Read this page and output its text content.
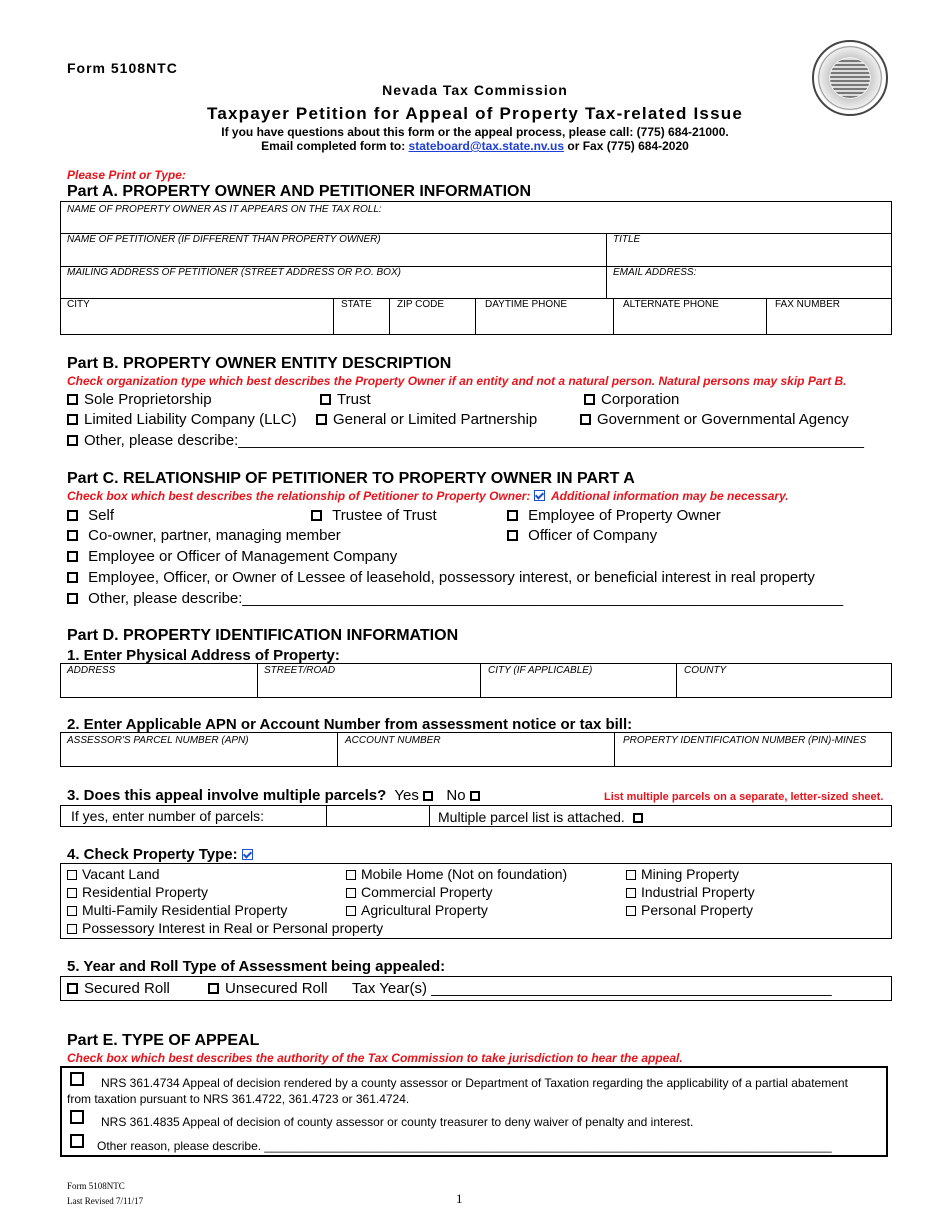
Form 5108NTC
Nevada Tax Commission
Taxpayer Petition for Appeal of Property Tax-related Issue
If you have questions about this form or the appeal process, please call: (775) 684-21000.
Email completed form to: stateboard@tax.state.nv.us or Fax (775) 684-2020
Please Print or Type:
Part A. PROPERTY OWNER AND PETITIONER INFORMATION
NAME OF PROPERTY OWNER AS IT APPEARS ON THE TAX ROLL:
NAME OF PETITIONER (IF DIFFERENT THAN PROPERTY OWNER)	TITLE
MAILING ADDRESS OF PETITIONER (STREET ADDRESS OR P.O. BOX)	EMAIL ADDRESS:
CITY	STATE	ZIP CODE	DAYTIME PHONE	ALTERNATE PHONE	FAX NUMBER
Part B. PROPERTY OWNER ENTITY DESCRIPTION
Check organization type which best describes the Property Owner if an entity and not a natural person. Natural persons may skip Part B.
Sole Proprietorship	Trust	Corporation
Limited Liability Company (LLC)	General or Limited Partnership	Government or Governmental Agency
Other, please describe:___________________________________________________________________________
Part C. RELATIONSHIP OF PETITIONER TO PROPERTY OWNER IN PART A
Check box which best describes the relationship of Petitioner to Property Owner: Additional information may be necessary.
Self	Trustee of Trust	Employee of Property Owner
Co-owner, partner, managing member	Officer of Company
Employee or Officer of Management Company
Employee, Officer, or Owner of Lessee of leasehold, possessory interest, or beneficial interest in real property
Other, please describe:________________________________________________________________________
Part D. PROPERTY IDENTIFICATION INFORMATION
1. Enter Physical Address of Property:
ADDRESS	STREET/ROAD	CITY (IF APPLICABLE)	COUNTY
2. Enter Applicable APN or Account Number from assessment notice or tax bill:
ASSESSOR'S PARCEL NUMBER (APN)	ACCOUNT NUMBER	PROPERTY IDENTIFICATION NUMBER (PIN)-MINES
3. Does this appeal involve multiple parcels? Yes No	List multiple parcels on a separate, letter-sized sheet.
If yes, enter number of parcels:	Multiple parcel list is attached.
4. Check Property Type:
Vacant Land	Mobile Home (Not on foundation)	Mining Property
Residential Property	Commercial Property	Industrial Property
Multi-Family Residential Property	Agricultural Property	Personal Property
Possessory Interest in Real or Personal property
5. Year and Roll Type of Assessment being appealed:
Secured Roll	Unsecured Roll Tax Year(s) ________________________________________________
Part E. TYPE OF APPEAL
Check box which best describes the authority of the Tax Commission to take jurisdiction to hear the appeal.
NRS 361.4734 Appeal of decision rendered by a county assessor or Department of Taxation regarding the applicability of a partial abatement
from taxation pursuant to NRS 361.4722, 361.4723 or 361.4724.
NRS 361.4835 Appeal of decision of county assessor or county treasurer to deny waiver of penalty and interest.
Other reason, please describe. _____________________________________________________________________________________
Form 5108NTC
Last Revised 7/11/17	1
